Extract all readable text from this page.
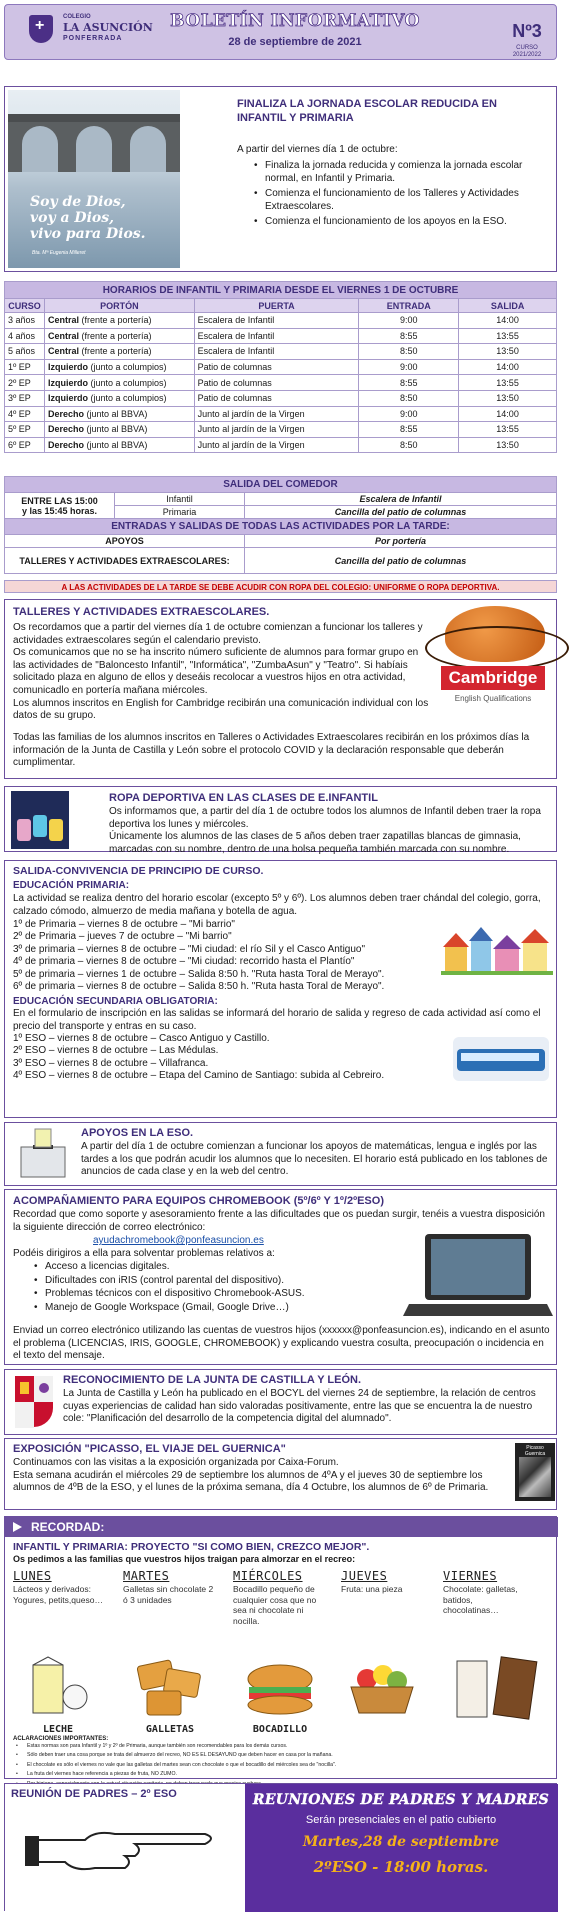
+
COLEGIO
LA ASUNCIÓN
PONFERRADA
BOLETÍN INFORMATIVO
28 de septiembre de 2021
Nº3
CURSO
2021/2022
Soy de Dios,
voy a Dios,
vivo para Dios.
Bta. Mª Eugenia Milleret
FINALIZA LA JORNADA ESCOLAR REDUCIDA EN INFANTIL Y PRIMARIA

A partir del viernes día 1 de octubre:

• Finaliza la jornada reducida y comienza la jornada escolar normal, en Infantil y Primaria.
• Comienza el funcionamiento de los Talleres y Actividades Extraescolares.
• Comienza el funcionamiento de los apoyos en la ESO.
HORARIOS DE INFANTIL Y PRIMARIA DESDE EL VIERNES 1 DE OCTUBRE				
CURSO	PORTÓN	PUERTA	ENTRADA	SALIDA
3 años	Central (frente a portería)	Escalera de Infantil	9:00	14:00
4 años	Central (frente a portería)	Escalera de Infantil	8:55	13:55
5 años	Central (frente a portería)	Escalera de Infantil	8:50	13:50
1º EP	Izquierdo (junto a columpios)	Patio de columnas	9:00	14:00
2º EP	Izquierdo (junto a columpios)	Patio de columnas	8:55	13:55
3º EP	Izquierdo (junto a columpios)	Patio de columnas	8:50	13:50
4º EP	Derecho (junto al BBVA)	Junto al jardín de la Virgen	9:00	14:00
5º EP	Derecho (junto al BBVA)	Junto al jardín de la Virgen	8:55	13:55
6º EP	Derecho (junto al BBVA)	Junto al jardín de la Virgen	8:50	13:50
SALIDA DEL COMEDOR		
ENTRE LAS 15:00
y las 15:45 horas.	Infantil	Escalera de Infantil
	Primaria	Cancilla del patio de columnas
ENTRADAS Y SALIDAS DE TODAS LAS ACTIVIDADES POR LA TARDE:		
APOYOS		Por portería
TALLERES Y ACTIVIDADES EXTRAESCOLARES:		Cancilla del patio de columnas
A LAS ACTIVIDADES DE LA TARDE SE DEBE ACUDIR CON ROPA DEL COLEGIO: UNIFORME O ROPA DEPORTIVA.
TALLERES Y ACTIVIDADES EXTRAESCOLARES.

Os recordamos que a partir del viernes día 1 de octubre comienzan a funcionar los talleres y actividades extraescolares según el calendario previsto.
Os comunicamos que no se ha inscrito número suficiente de alumnos para formar grupo en las actividades de "Baloncesto Infantil", "Informática", "ZumbaAsun" y "Teatro". Si habíais solicitado plaza en alguno de ellos y deseáis recolocar a vuestros hijos en otra actividad, comunicadlo en portería mañana miércoles.
Los alumnos inscritos en English for Cambridge recibirán una comunicación individual con los datos de su grupo.

Todas las familias de los alumnos inscritos en Talleres o Actividades Extraescolares recibirán en los próximos días la información de la Junta de Castilla y León sobre el protocolo COVID y la declaración responsable que deberán cumplimentar.

Cambridge
English Qualifications
ROPA DEPORTIVA EN LAS CLASES DE E.INFANTIL

Os informamos que, a partir del día 1 de octubre todos los alumnos de Infantil deben traer la ropa deportiva los lunes y miércoles.
Únicamente los alumnos de las clases de 5 años deben traer zapatillas blancas de gimnasia, marcadas con su nombre, dentro de una bolsa pequeña también marcada con su nombre.

SALIDA-CONVIVENCIA DE PRINCIPIO DE CURSO.
EDUCACIÓN PRIMARIA:

La actividad se realiza dentro del horario escolar (excepto 5º y 6º). Los alumnos deben traer chándal del colegio, gorra, calzado cómodo, almuerzo de media mañana y botella de agua.

1º de Primaria – viernes 8 de octubre – "Mi barrio"
2º de Primaria – jueves 7 de octubre – "Mi barrio"
3º de primaria – viernes 8 de octubre – "Mi ciudad: el río Sil y el Casco Antiguo"
4º de primaria – viernes 8 de octubre – "Mi ciudad: recorrido hasta el Plantío"
5º de primaria – viernes 1 de octubre – Salida 8:50 h. "Ruta hasta Toral de Merayo".
6º de primaria – viernes 8 de octubre – Salida 8:50 h. "Ruta hasta Toral de Merayo".
EDUCACIÓN SECUNDARIA OBLIGATORIA:

En el formulario de inscripción en las salidas se informará del horario de salida y regreso de cada actividad así como el precio del transporte y entras en su caso.

1º ESO – viernes 8 de octubre – Casco Antiguo y Castillo.
2º ESO – viernes 8 de octubre – Las Médulas.
3º ESO – viernes 8 de octubre – Villafranca.
4º ESO – viernes 8 de octubre – Etapa del Camino de Santiago: subida al Cebreiro.
APOYOS EN LA ESO.

A partir del día 1 de octubre comienzan a funcionar los apoyos de matemáticas, lengua e inglés por las tardes a los que podrán acudir los alumnos que lo necesiten. El horario está publicado en los tablones de anuncios de cada clase y en la web del centro.

ACOMPAÑAMIENTO PARA EQUIPOS CHROMEBOOK (5º/6º Y 1º/2ºESO)

Recordad que como soporte y asesoramiento frente a las dificultades que os puedan surgir, tenéis a vuestra disposición la siguiente dirección de correo electrónico:

ayudachromebook@ponfeasuncion.es

Podéis dirigiros a ella para solventar problemas relativos a:

• Acceso a licencias digitales.
• Dificultades con iRIS (control parental del dispositivo).
• Problemas técnicos con el dispositivo Chromebook-ASUS.
• Manejo de Google Workspace (Gmail, Google Drive…)

Enviad un correo electrónico utilizando las cuentas de vuestros hijos (xxxxxx@ponfeasuncion.es), indicando en el asunto el problema (LICENCIAS, IRIS, GOOGLE, CHROMEBOOK) y explicando vuestra cosulta, preocupación o incidencia en el texto del mensaje.

RECONOCIMIENTO DE LA JUNTA DE CASTILLA Y LEÓN.

La Junta de Castilla y León ha publicado en el BOCYL del viernes 24 de septiembre, la relación de centros cuyas experiencias de calidad han sido valoradas positivamente, entre las que se encuentra la de nuestro cole: "Planificación del desarrollo de la competencia digital del alumnado".

EXPOSICIÓN "PICASSO, EL VIAJE DEL GUERNICA"

Continuamos con las visitas a la exposición organizada por Caixa-Forum.
Esta semana acudirán el miércoles 29 de septiembre los alumnos de 4ºA y el jueves 30 de septiembre los alumnos de 4ºB de la ESO, y el lunes de la próxima semana, día 4 Octubre, los alumnos de 6º de Primaria.

Picasso Guernica
RECORDAD:
INFANTIL Y PRIMARIA: PROYECTO "SI COMO BIEN, CREZCO MEJOR".
Os pedimos a las familias que vuestros hijos traigan para almorzar en el recreo:
LUNES
Lácteos y derivados: Yogures, petits,queso…
MARTES
Galletas sin chocolate 2 ó 3 unidades
MIÉRCOLES
Bocadillo pequeño de cualquier cosa que no sea ni chocolate ni nocilla.
JUEVES
Fruta: una pieza
VIERNES
Chocolate: galletas, batidos, chocolatinas…
LECHE	GALLETAS	BOCADILLO
ACLARACIONES IMPORTANTES:
• Estas normas son para Infantil y 1º y 2º de Primaria, aunque también son recomendables para los demás cursos.
• Sólo deben traer una cosa porque se trata del almuerzo del recreo, NO ES EL DESAYUNO que deben hacer en casa por la mañana.
• El chocolate es sólo el viernes no vale que las galletas del martes sean con chocolate o que el bocadillo del miércoles sea de "nocilla".
• La fruta del viernes hace referencia a piezas de fruta, NO ZUMO.
•
REUNIÓN DE PADRES – 2º ESO	REUNIONES DE PADRES Y MADRES
Serán presenciales en el patio cubierto
Martes,28 de septiembre
2ºESO - 18:00 horas.
